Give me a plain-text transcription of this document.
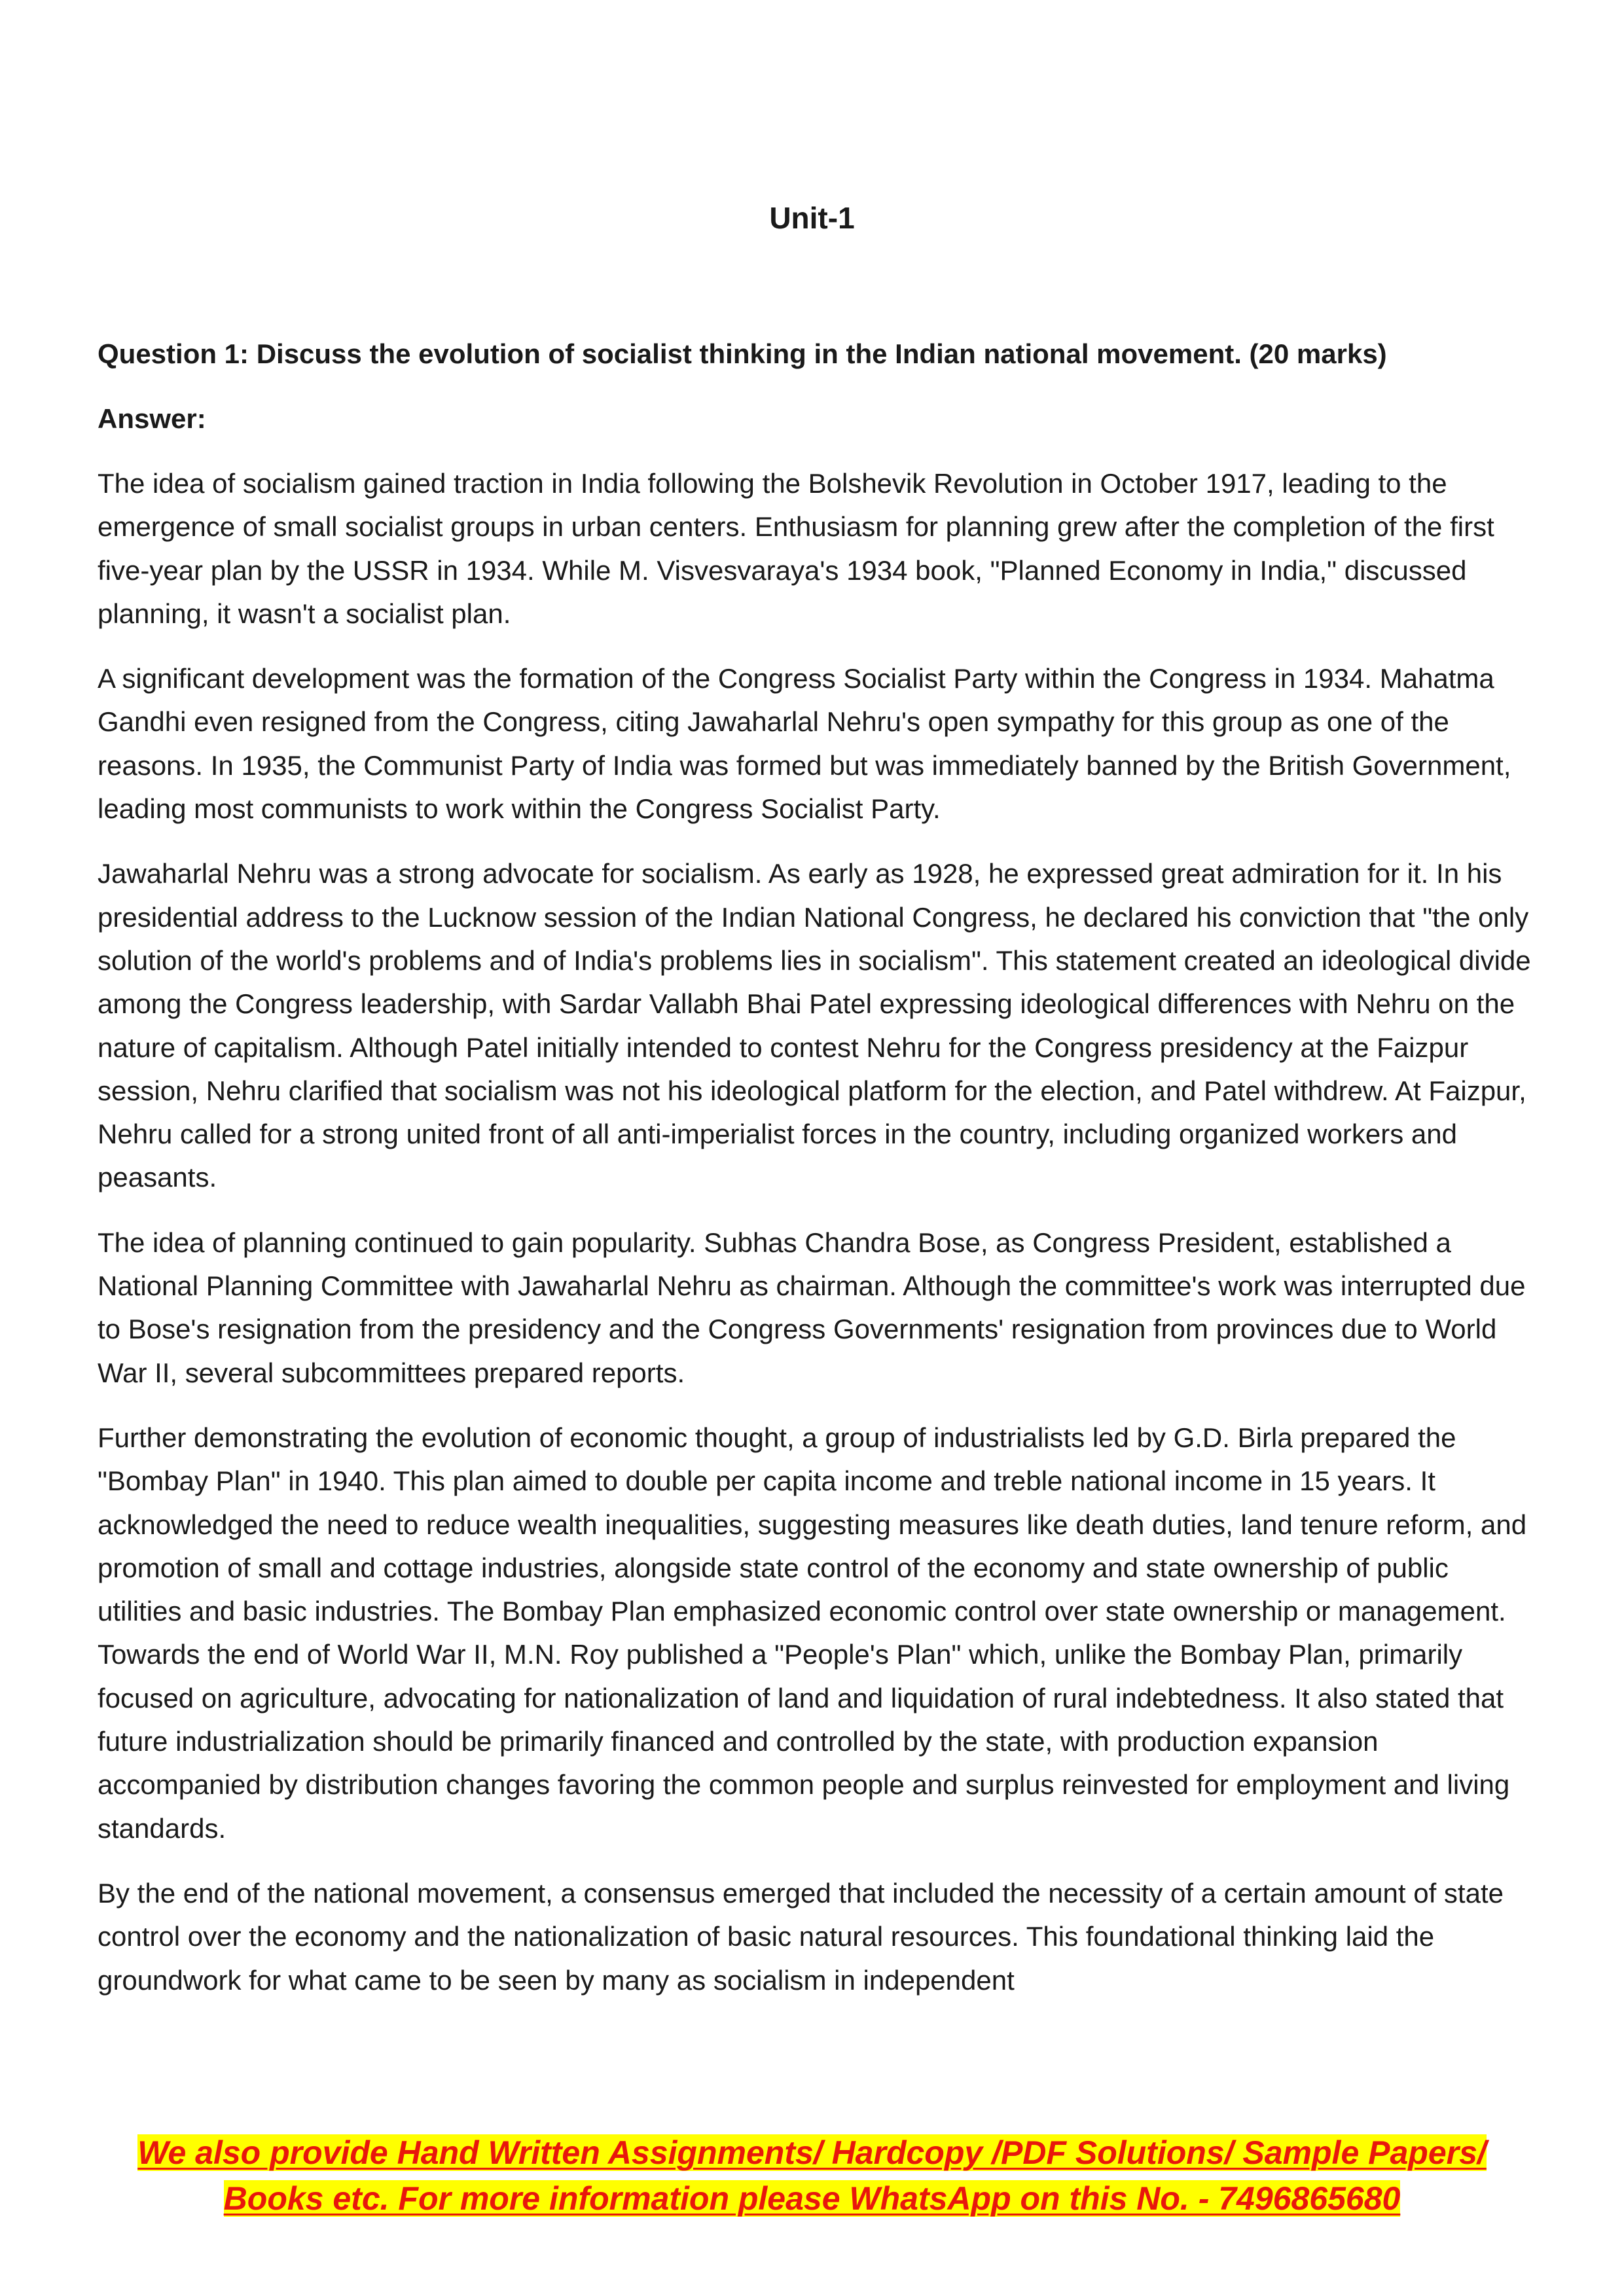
Unit-1

Question 1: Discuss the evolution of socialist thinking in the Indian national movement. (20 marks)

Answer:

The idea of socialism gained traction in India following the Bolshevik Revolution in October 1917, leading to the emergence of small socialist groups in urban centers. Enthusiasm for planning grew after the completion of the first five-year plan by the USSR in 1934. While M. Visvesvaraya's 1934 book, "Planned Economy in India," discussed planning, it wasn't a socialist plan.

A significant development was the formation of the Congress Socialist Party within the Congress in 1934. Mahatma Gandhi even resigned from the Congress, citing Jawaharlal Nehru's open sympathy for this group as one of the reasons. In 1935, the Communist Party of India was formed but was immediately banned by the British Government, leading most communists to work within the Congress Socialist Party.

Jawaharlal Nehru was a strong advocate for socialism. As early as 1928, he expressed great admiration for it. In his presidential address to the Lucknow session of the Indian National Congress, he declared his conviction that "the only solution of the world's problems and of India's problems lies in socialism". This statement created an ideological divide among the Congress leadership, with Sardar Vallabh Bhai Patel expressing ideological differences with Nehru on the nature of capitalism. Although Patel initially intended to contest Nehru for the Congress presidency at the Faizpur session, Nehru clarified that socialism was not his ideological platform for the election, and Patel withdrew. At Faizpur, Nehru called for a strong united front of all anti-imperialist forces in the country, including organized workers and peasants.

The idea of planning continued to gain popularity. Subhas Chandra Bose, as Congress President, established a National Planning Committee with Jawaharlal Nehru as chairman. Although the committee's work was interrupted due to Bose's resignation from the presidency and the Congress Governments' resignation from provinces due to World War II, several subcommittees prepared reports.

Further demonstrating the evolution of economic thought, a group of industrialists led by G.D. Birla prepared the "Bombay Plan" in 1940. This plan aimed to double per capita income and treble national income in 15 years. It acknowledged the need to reduce wealth inequalities, suggesting measures like death duties, land tenure reform, and promotion of small and cottage industries, alongside state control of the economy and state ownership of public utilities and basic industries. The Bombay Plan emphasized economic control over state ownership or management. Towards the end of World War II, M.N. Roy published a "People's Plan" which, unlike the Bombay Plan, primarily focused on agriculture, advocating for nationalization of land and liquidation of rural indebtedness. It also stated that future industrialization should be primarily financed and controlled by the state, with production expansion accompanied by distribution changes favoring the common people and surplus reinvested for employment and living standards.

By the end of the national movement, a consensus emerged that included the necessity of a certain amount of state control over the economy and the nationalization of basic natural resources. This foundational thinking laid the groundwork for what came to be seen by many as socialism in independent

We also provide Hand Written Assignments/ Hardcopy /PDF Solutions/ Sample Papers/
Books etc. For more information please WhatsApp on this No. - 7496865680
